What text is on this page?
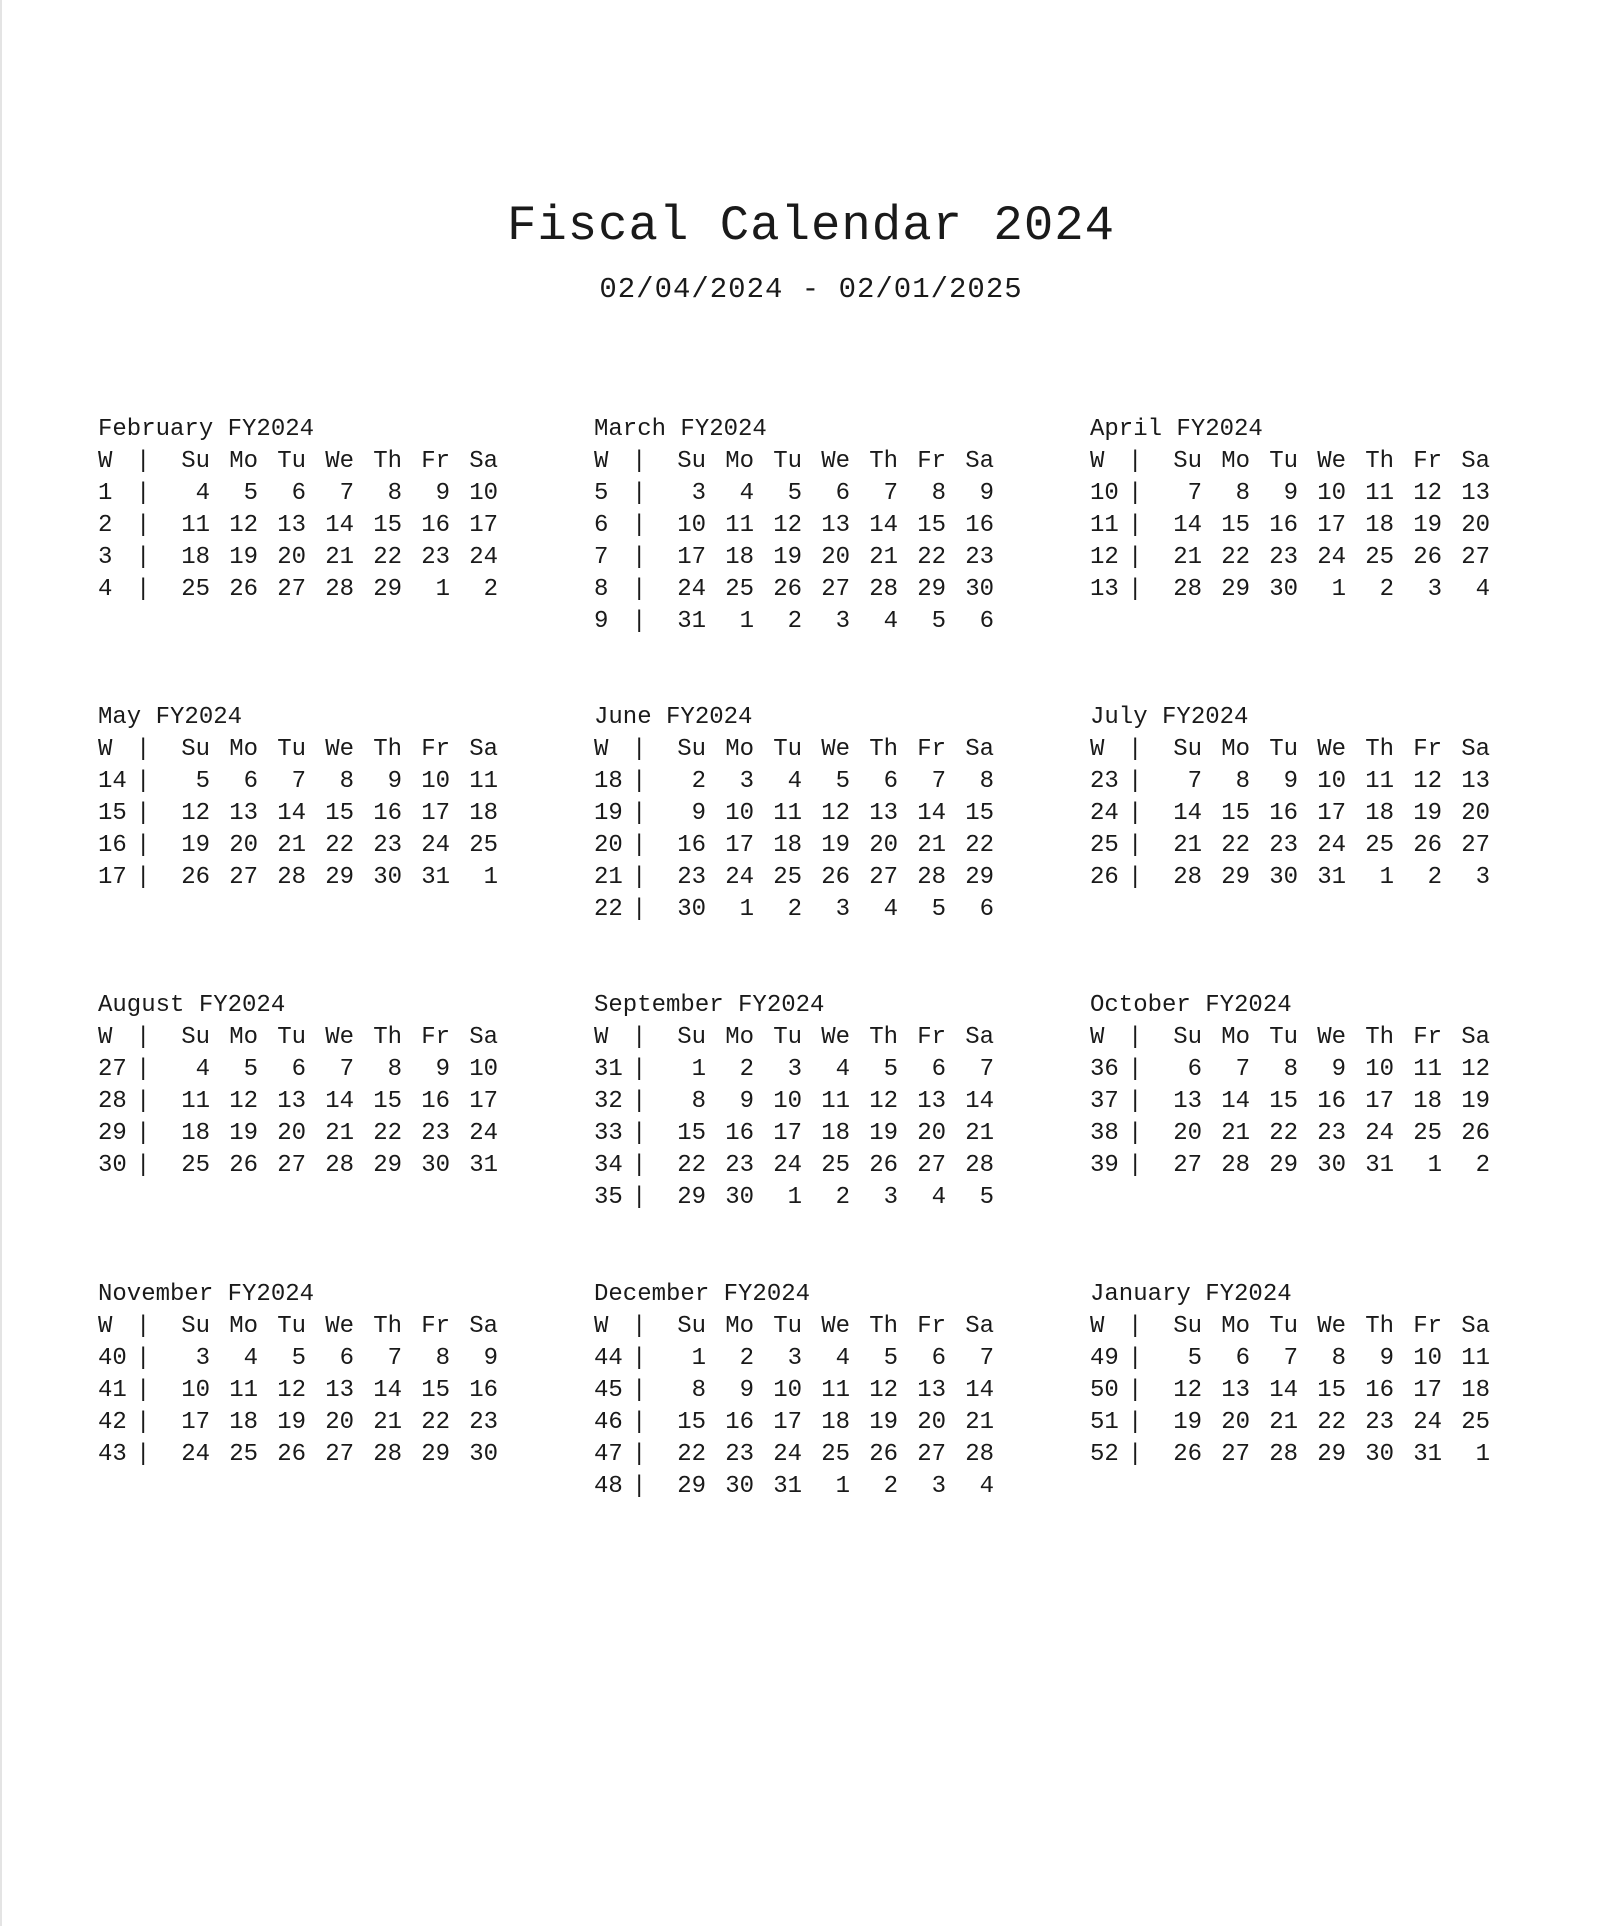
Fiscal Calendar 2024
02/04/2024 - 02/01/2025
February FY2024
W |	Su Mo Tu We Th Fr Sa
1 |	4	5	6	7	8	9 10
2 |	11 12 13 14 15 16 17
3 |	18 19 20 21 22 23 24
4 |	25 26 27 28 29	1	2
March FY2024
W |	Su Mo Tu We Th Fr Sa
5 |	3	4	5	6	7	8	9
6 |	10 11 12 13 14 15 16
7 |	17 18 19 20 21 22 23
8 |	24 25 26 27 28 29 30
9 |	31	1	2	3	4	5	6
April FY2024
W |	Su Mo Tu We Th Fr Sa
10 |	7	8	9 10 11 12 13
11 |	14 15 16 17 18 19 20
12 |	21 22 23 24 25 26 27
13 |	28 29 30	1	2	3	4
May FY2024
W |	Su Mo Tu We Th Fr Sa
14 |	5	6	7	8	9 10 11
15 |	12 13 14 15 16 17 18
16 |	19 20 21 22 23 24 25
17 |	26 27 28 29 30 31	1
June FY2024
W |	Su Mo Tu We Th Fr Sa
18 |	2	3	4	5	6	7	8
19 |	9 10 11 12 13 14 15
20 |	16 17 18 19 20 21 22
21 |	23 24 25 26 27 28 29
22 |	30	1	2	3	4	5	6
July FY2024
W |	Su Mo Tu We Th Fr Sa
23 |	7	8	9 10 11 12 13
24 |	14 15 16 17 18 19 20
25 |	21 22 23 24 25 26 27
26 |	28 29 30 31	1	2	3
August FY2024
W |	Su Mo Tu We Th Fr Sa
27 |	4	5	6	7	8	9 10
28 |	11 12 13 14 15 16 17
29 |	18 19 20 21 22 23 24
30 |	25 26 27 28 29 30 31
September FY2024
W |	Su Mo Tu We Th Fr Sa
31 |	1	2	3	4	5	6	7
32 |	8	9 10 11 12 13 14
33 |	15 16 17 18 19 20 21
34 |	22 23 24 25 26 27 28
35 |	29 30	1	2	3	4	5
October FY2024
W |	Su Mo Tu We Th Fr Sa
36 |	6	7	8	9 10 11 12
37 |	13 14 15 16 17 18 19
38 |	20 21 22 23 24 25 26
39 |	27 28 29 30 31	1	2
November FY2024
W |	Su Mo Tu We Th Fr Sa
40 |	3	4	5	6	7	8	9
41 |	10 11 12 13 14 15 16
42 |	17 18 19 20 21 22 23
43 |	24 25 26 27 28 29 30
December FY2024
W |	Su Mo Tu We Th Fr Sa
44 |	1	2	3	4	5	6	7
45 |	8	9 10 11 12 13 14
46 |	15 16 17 18 19 20 21
47 |	22 23 24 25 26 27 28
48 |	29 30 31	1	2	3	4
January FY2024
W |	Su Mo Tu We Th Fr Sa
49 |	5	6	7	8	9 10 11
50 |	12 13 14 15 16 17 18
51 |	19 20 21 22 23 24 25
52 |	26 27 28 29 30 31	1
